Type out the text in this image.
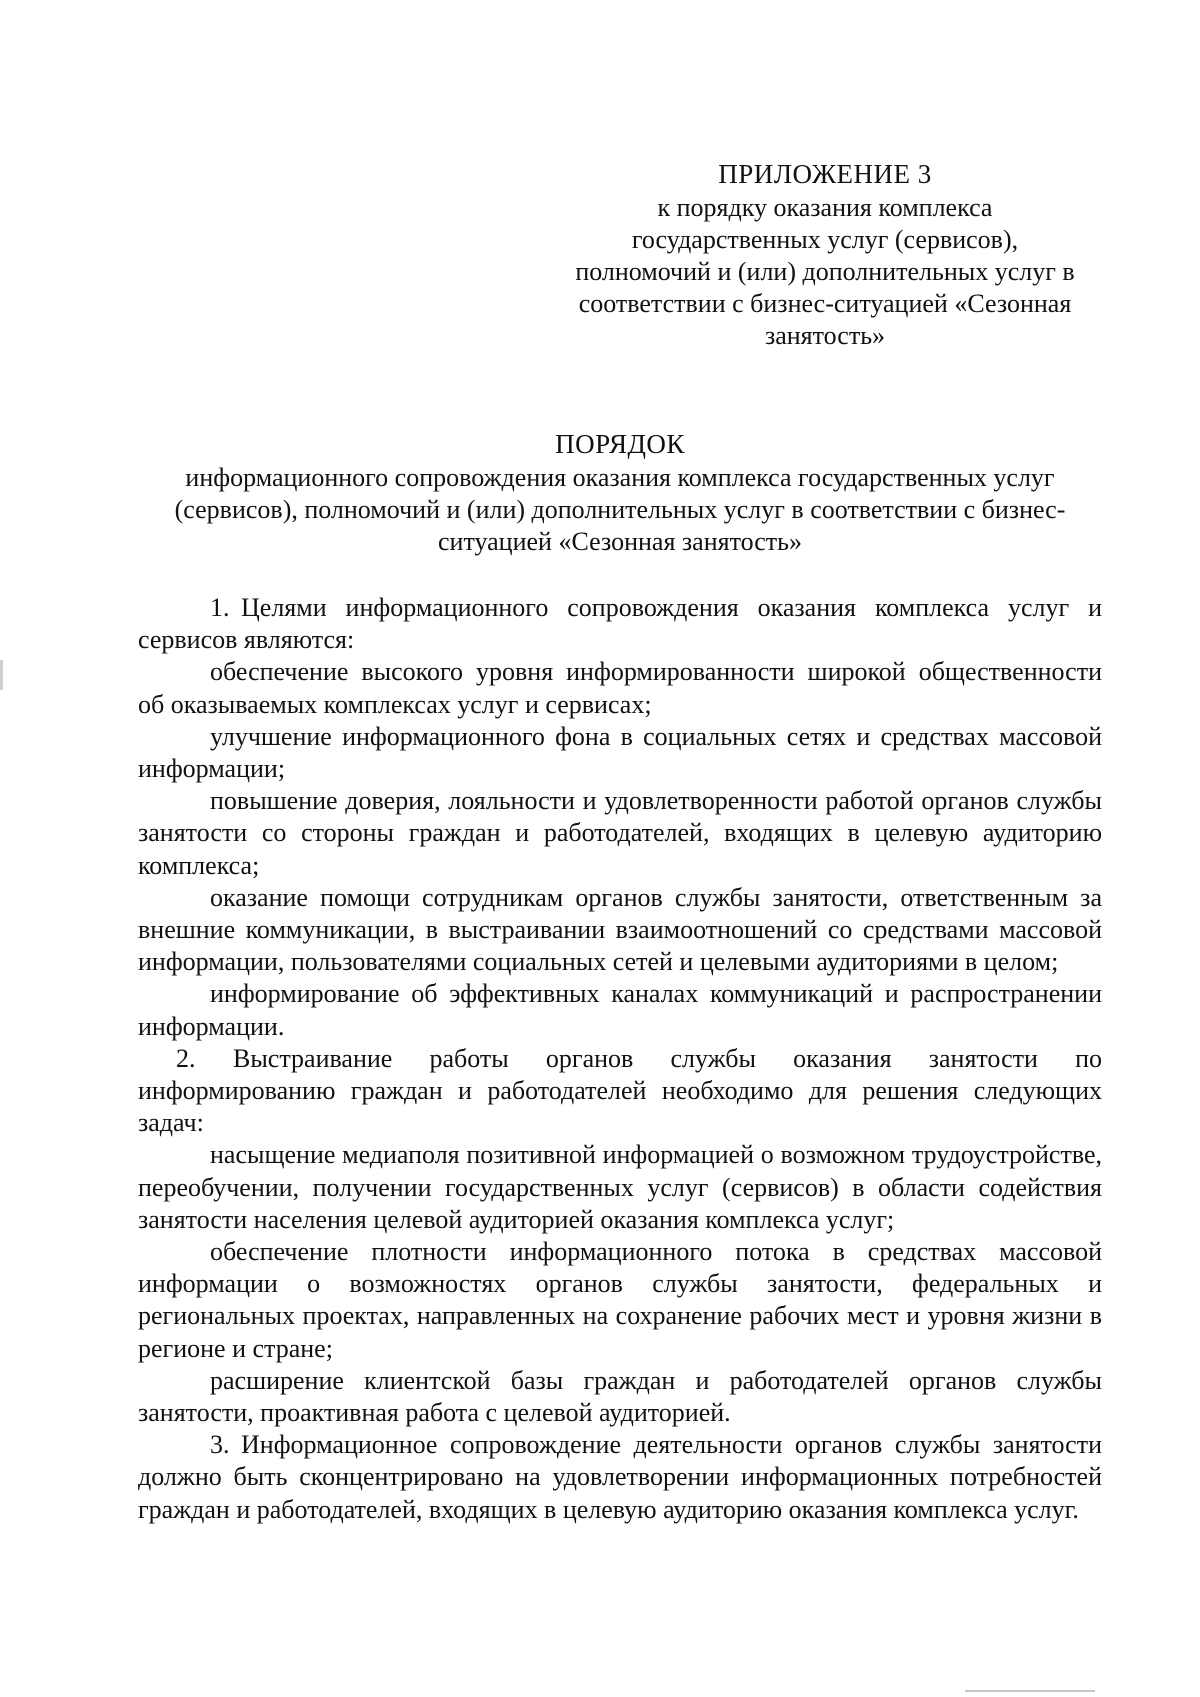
ПРИЛОЖЕНИЕ 3
к порядку оказания комплекса государственных услуг (сервисов), полномочий и (или) дополнительных услуг в соответствии с бизнес-ситуацией «Сезонная занятость»
ПОРЯДОК
информационного сопровождения оказания комплекса государственных услуг (сервисов), полномочий и (или) дополнительных услуг в соответствии с бизнес-ситуацией «Сезонная занятость»

1. Целями информационного сопровождения оказания комплекса услуг и сервисов являются:

обеспечение высокого уровня информированности широкой общественности об оказываемых комплексах услуг и сервисах;

улучшение информационного фона в социальных сетях и средствах массовой информации;

повышение доверия, лояльности и удовлетворенности работой органов службы занятости со стороны граждан и работодателей, входящих в целевую аудиторию комплекса;

оказание помощи сотрудникам органов службы занятости, ответственным за внешние коммуникации, в выстраивании взаимоотношений со средствами массовой информации, пользователями социальных сетей и целевыми аудиториями в целом;

информирование об эффективных каналах коммуникаций и распространении информации.

2. Выстраивание работы органов службы оказания занятости по информированию граждан и работодателей необходимо для решения следующих задач:

насыщение медиаполя позитивной информацией о возможном трудоустройстве, переобучении, получении государственных услуг (сервисов) в области содействия занятости населения целевой аудиторией оказания комплекса услуг;

обеспечение плотности информационного потока в средствах массовой информации о возможностях органов службы занятости, федеральных и региональных проектах, направленных на сохранение рабочих мест и уровня жизни в регионе и стране;

расширение клиентской базы граждан и работодателей органов службы занятости, проактивная работа с целевой аудиторией.

3. Информационное сопровождение деятельности органов службы занятости должно быть сконцентрировано на удовлетворении информационных потребностей граждан и работодателей, входящих в целевую аудиторию оказания комплекса услуг.
